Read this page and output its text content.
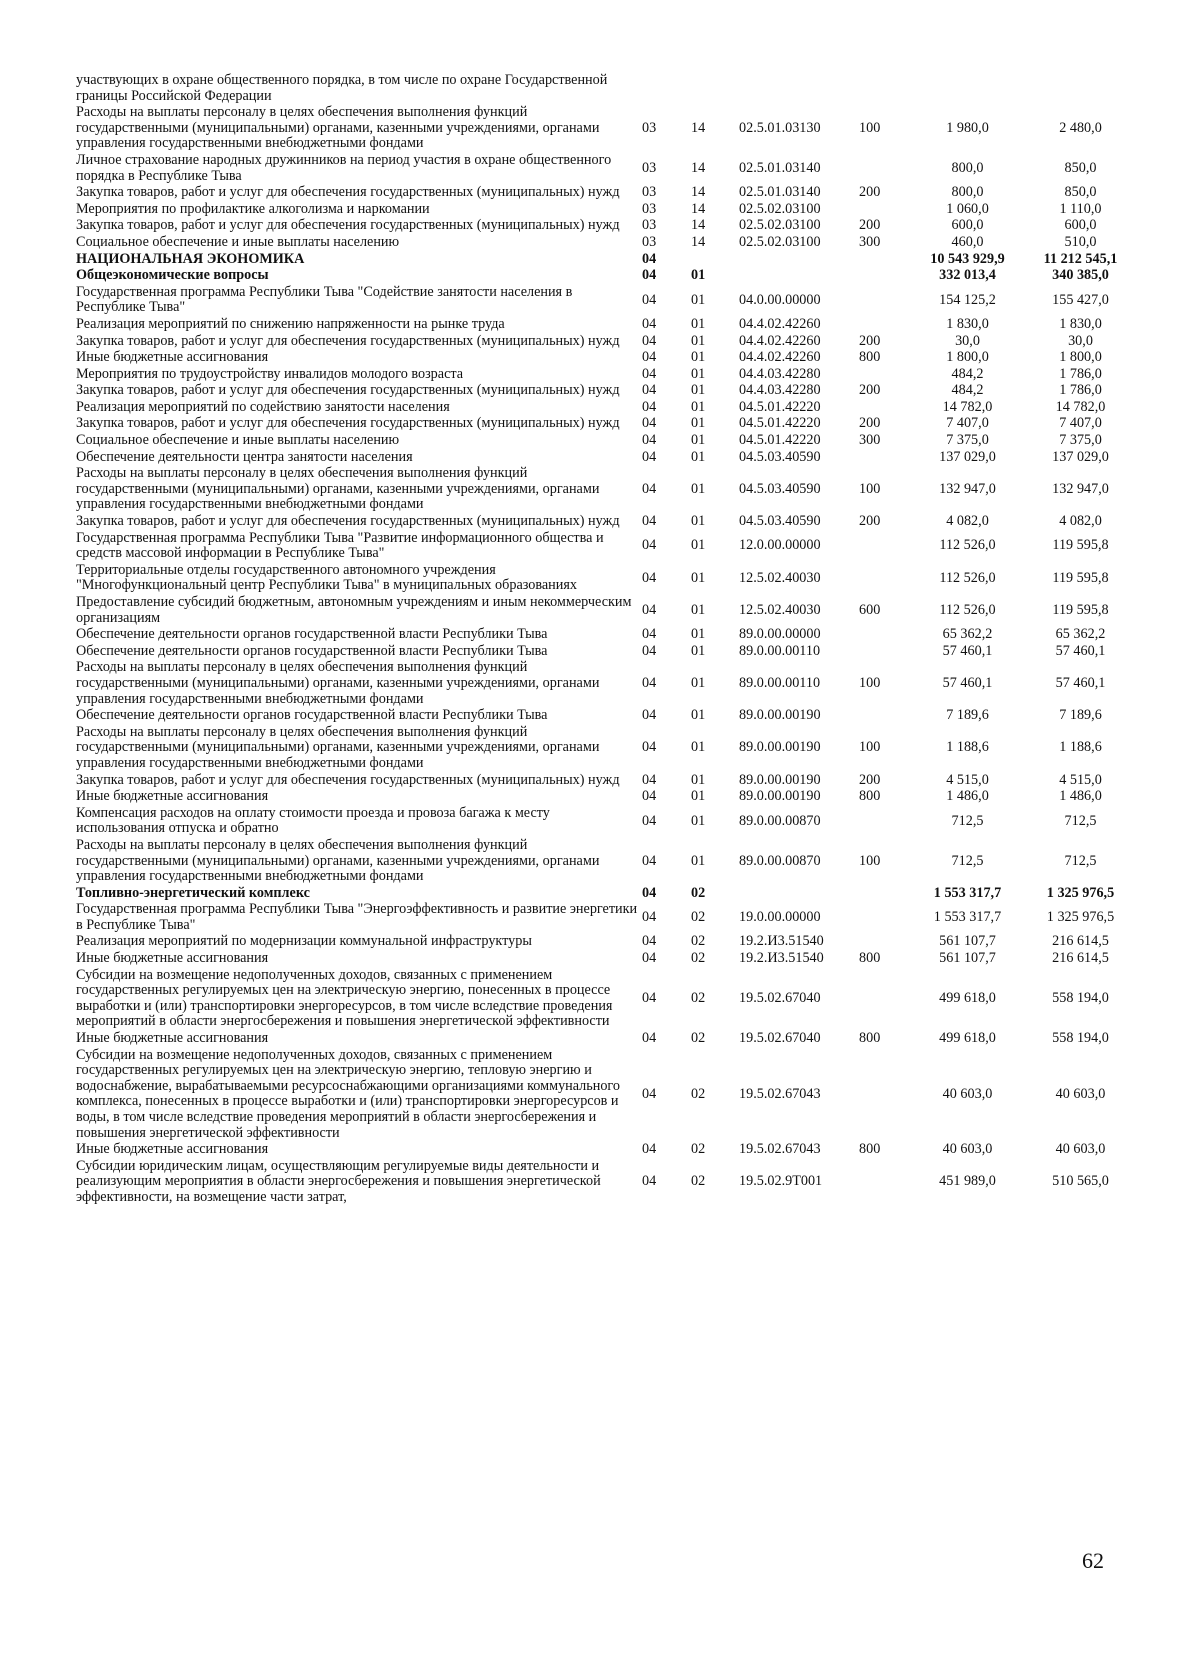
участвующих в охране общественного порядка, в том числе по охране Государственной границы Российской Федерации						
Расходы на выплаты персоналу в целях обеспечения выполнения функций государственными (муниципальными) органами, казенными учреждениями, органами управления государственными внебюджетными фондами	03	14	02.5.01.03130	100	1 980,0	2 480,0
Личное страхование народных дружинников на период участия в охране общественного порядка в Республике Тыва	03	14	02.5.01.03140		800,0	850,0
Закупка товаров, работ и услуг для обеспечения государственных (муниципальных) нужд	03	14	02.5.01.03140	200	800,0	850,0
Мероприятия по профилактике алкоголизма и наркомании	03	14	02.5.02.03100		1 060,0	1 110,0
Закупка товаров, работ и услуг для обеспечения государственных (муниципальных) нужд	03	14	02.5.02.03100	200	600,0	600,0
Социальное обеспечение и иные выплаты населению	03	14	02.5.02.03100	300	460,0	510,0
НАЦИОНАЛЬНАЯ ЭКОНОМИКА	04				10 543 929,9	11 212 545,1
Общеэкономические вопросы	04	01			332 013,4	340 385,0
Государственная программа Республики Тыва "Содействие занятости населения в Республике Тыва"	04	01	04.0.00.00000		154 125,2	155 427,0
Реализация мероприятий по снижению напряженности на рынке труда	04	01	04.4.02.42260		1 830,0	1 830,0
Закупка товаров, работ и услуг для обеспечения государственных (муниципальных) нужд	04	01	04.4.02.42260	200	30,0	30,0
Иные бюджетные ассигнования	04	01	04.4.02.42260	800	1 800,0	1 800,0
Мероприятия по трудоустройству инвалидов молодого возраста	04	01	04.4.03.42280		484,2	1 786,0
Закупка товаров, работ и услуг для обеспечения государственных (муниципальных) нужд	04	01	04.4.03.42280	200	484,2	1 786,0
Реализация мероприятий по содействию занятости населения	04	01	04.5.01.42220		14 782,0	14 782,0
Закупка товаров, работ и услуг для обеспечения государственных (муниципальных) нужд	04	01	04.5.01.42220	200	7 407,0	7 407,0
Социальное обеспечение и иные выплаты населению	04	01	04.5.01.42220	300	7 375,0	7 375,0
Обеспечение деятельности центра занятости населения	04	01	04.5.03.40590		137 029,0	137 029,0
Расходы на выплаты персоналу в целях обеспечения выполнения функций государственными (муниципальными) органами, казенными учреждениями, органами управления государственными внебюджетными фондами	04	01	04.5.03.40590	100	132 947,0	132 947,0
Закупка товаров, работ и услуг для обеспечения государственных (муниципальных) нужд	04	01	04.5.03.40590	200	4 082,0	4 082,0
Государственная программа Республики Тыва "Развитие информационного общества и средств массовой информации в Республике Тыва"	04	01	12.0.00.00000		112 526,0	119 595,8
Территориальные отделы государственного автономного учреждения "Многофункциональный центр Республики Тыва" в муниципальных образованиях	04	01	12.5.02.40030		112 526,0	119 595,8
Предоставление субсидий бюджетным, автономным учреждениям и иным некоммерческим организациям	04	01	12.5.02.40030	600	112 526,0	119 595,8
Обеспечение деятельности органов государственной власти Республики Тыва	04	01	89.0.00.00000		65 362,2	65 362,2
Обеспечение деятельности органов государственной власти Республики Тыва	04	01	89.0.00.00110		57 460,1	57 460,1
Расходы на выплаты персоналу в целях обеспечения выполнения функций государственными (муниципальными) органами, казенными учреждениями, органами управления государственными внебюджетными фондами	04	01	89.0.00.00110	100	57 460,1	57 460,1
Обеспечение деятельности органов государственной власти Республики Тыва	04	01	89.0.00.00190		7 189,6	7 189,6
Расходы на выплаты персоналу в целях обеспечения выполнения функций государственными (муниципальными) органами, казенными учреждениями, органами управления государственными внебюджетными фондами	04	01	89.0.00.00190	100	1 188,6	1 188,6
Закупка товаров, работ и услуг для обеспечения государственных (муниципальных) нужд	04	01	89.0.00.00190	200	4 515,0	4 515,0
Иные бюджетные ассигнования	04	01	89.0.00.00190	800	1 486,0	1 486,0
Компенсация расходов на оплату стоимости проезда и провоза багажа к месту использования отпуска и обратно	04	01	89.0.00.00870		712,5	712,5
Расходы на выплаты персоналу в целях обеспечения выполнения функций государственными (муниципальными) органами, казенными учреждениями, органами управления государственными внебюджетными фондами	04	01	89.0.00.00870	100	712,5	712,5
Топливно-энергетический комплекс	04	02			1 553 317,7	1 325 976,5
Государственная программа Республики Тыва "Энергоэффективность и развитие энергетики в Республике Тыва"	04	02	19.0.00.00000		1 553 317,7	1 325 976,5
Реализация мероприятий по модернизации коммунальной инфраструктуры	04	02	19.2.И3.51540		561 107,7	216 614,5
Иные бюджетные ассигнования	04	02	19.2.И3.51540	800	561 107,7	216 614,5
Субсидии на возмещение недополученных доходов, связанных с применением государственных регулируемых цен на электрическую энергию, понесенных в процессе выработки и (или) транспортировки энергоресурсов, в том числе вследствие проведения мероприятий в области энергосбережения и повышения энергетической эффективности	04	02	19.5.02.67040		499 618,0	558 194,0
Иные бюджетные ассигнования	04	02	19.5.02.67040	800	499 618,0	558 194,0
Субсидии на возмещение недополученных доходов, связанных с применением государственных регулируемых цен на электрическую энергию, тепловую энергию и водоснабжение, вырабатываемыми ресурсоснабжающими организациями коммунального комплекса, понесенных в процессе выработки и (или) транспортировки энергоресурсов и воды, в том числе вследствие проведения мероприятий в области энергосбережения и повышения энергетической эффективности	04	02	19.5.02.67043		40 603,0	40 603,0
Иные бюджетные ассигнования	04	02	19.5.02.67043	800	40 603,0	40 603,0
Субсидии юридическим лицам, осуществляющим регулируемые виды деятельности и реализующим мероприятия в области энергосбережения и повышения энергетической эффективности, на возмещение части затрат,	04	02	19.5.02.9Т001		451 989,0	510 565,0
62
